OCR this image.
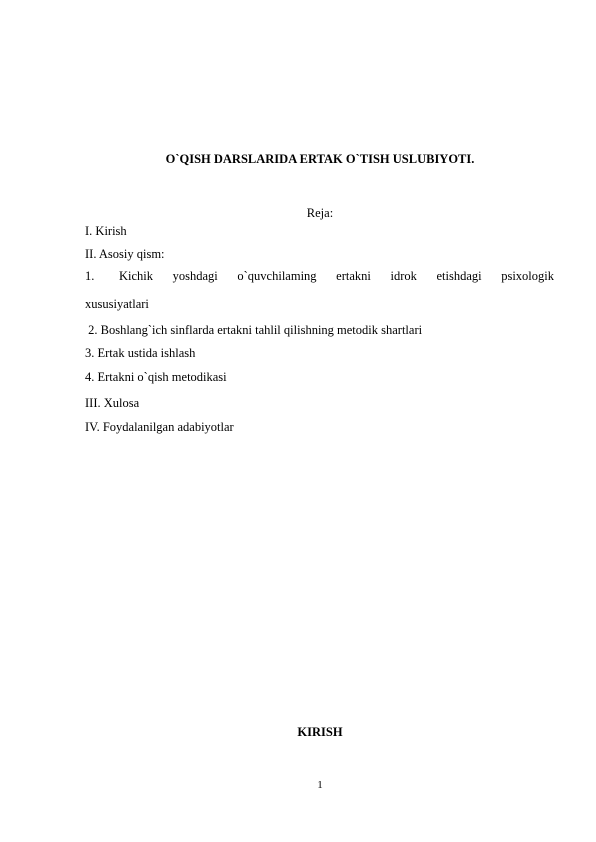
O`QISH DARSLARIDA ERTAK O`TISH USLUBIYOTI.
Reja:
I. Kirish
II. Asosiy qism:
1. Kichik yoshdagi o`quvchilaming ertakni idrok etishdagi psixologik
xususiyatlari
2. Boshlang`ich sinflarda ertakni tahlil qilishning metodik shartlari
3. Ertak ustida ishlash
4. Ertakni o`qish metodikasi
III. Xulosa
IV. Foydalanilgan adabiyotlar
KIRISH
1
